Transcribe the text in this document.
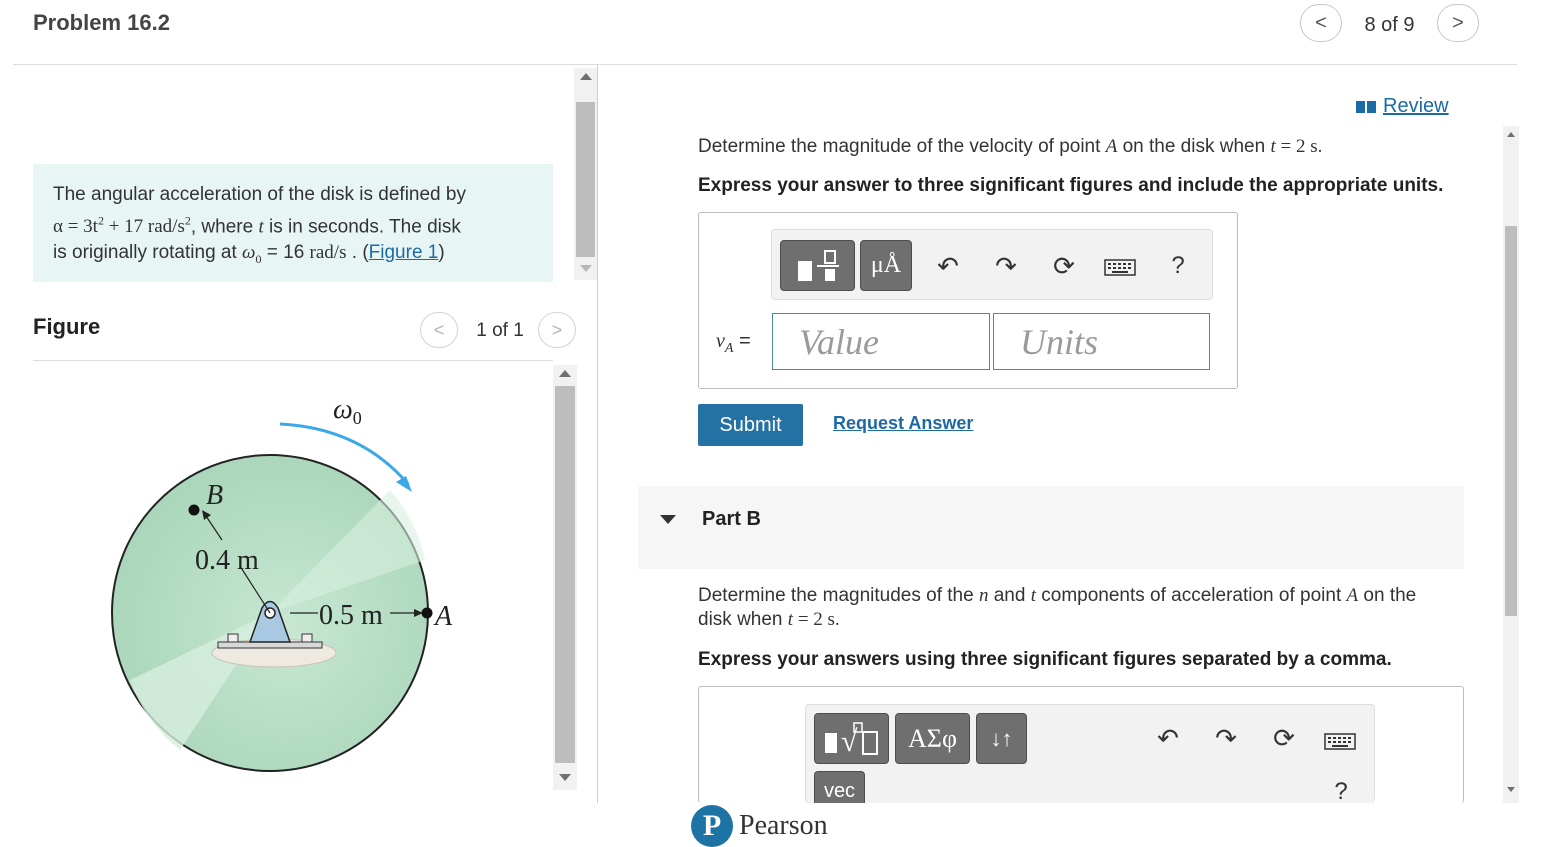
Problem 16.2	<	8 of 9	>
The angular acceleration of the disk is defined by
$\alpha = 3t^2 + 17$ rad/$s^2$, where t is in seconds. The disk
is originally rotating at $\omega_0 = 16$ rad/s . (Figure 1)
Figure	<	1 of 1	>
$\omega_0$
B
A
0.4 m
0.5 m
Review
Determine the magnitude of the velocity of point A on the disk when t = 2 s.
Express your answer to three significant figures and include the appropriate units.
μÅ ↶ ↷ ⟳	?
$v_A$ =	Value	Units
Submit	Request Answer
Part B
Determine the magnitudes of the n and t components of acceleration of point A on the
disk when t = 2 s.
Express your answers using three significant figures separated by a comma.
√ ΑΣφ ↓↑
vec
↶ ↷ ⟳
?
P Pearson
